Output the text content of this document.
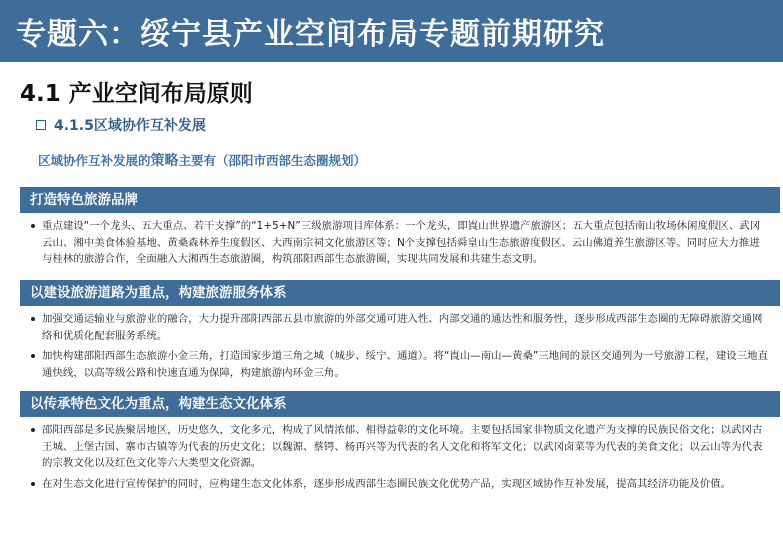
专题六：绥宁县产业空间布局专题前期研究
4.1 产业空间布局原则
4.1.5区域协作互补发展
区域协作互补发展的策略主要有（邵阳市西部生态圈规划）
打造特色旅游品牌
重点建设“一个龙头、五大重点、若干支撑”的“1+5+N”三级旅游项目库体系：一个龙头，即崀山世界遗产旅游区；五大重点包括南山牧场休闲度假区、武冈云山、湘中美食体验基地、黄桑森林养生度假区、大西南宗祠文化旅游区等；N个支撑包括舜皇山生态旅游度假区、云山佛道养生旅游区等。同时应大力推进与桂林的旅游合作，全面融入大湘西生态旅游圈，构筑邵阳西部生态旅游圈，实现共同发展和共建生态文明。
以建设旅游道路为重点，构建旅游服务体系
加强交通运输业与旅游业的融合，大力提升邵阳西部五县市旅游的外部交通可进入性、内部交通的通达性和服务性，逐步形成西部生态圈的无障碍旅游交通网络和优质化配套服务系统。
加快构建邵阳西部生态旅游小金三角，打造国家步道三角之城（城步、绥宁、通道）。将“崀山—南山—黄桑”三地间的景区交通列为一号旅游工程，建设三地直通快线，以高等级公路和快速直通为保障，构建旅游内环金三角。
以传承特色文化为重点，构建生态文化体系
邵阳西部是多民族聚居地区，历史悠久，文化多元，构成了风情浓郁、相得益彰的文化环境。主要包括国家非物质文化遗产为支撑的民族民俗文化；以武冈古王城、上堡古国、寨市古镇等为代表的历史文化；以魏源、蔡锷、杨再兴等为代表的名人文化和将军文化；以武冈卤菜等为代表的美食文化；以云山等为代表的宗教文化以及红色文化等六大类型文化资源。
在对生态文化进行宣传保护的同时，应构建生态文化体系，逐步形成西部生态圈民族文化优势产品，实现区域协作互补发展，提高其经济功能及价值。
